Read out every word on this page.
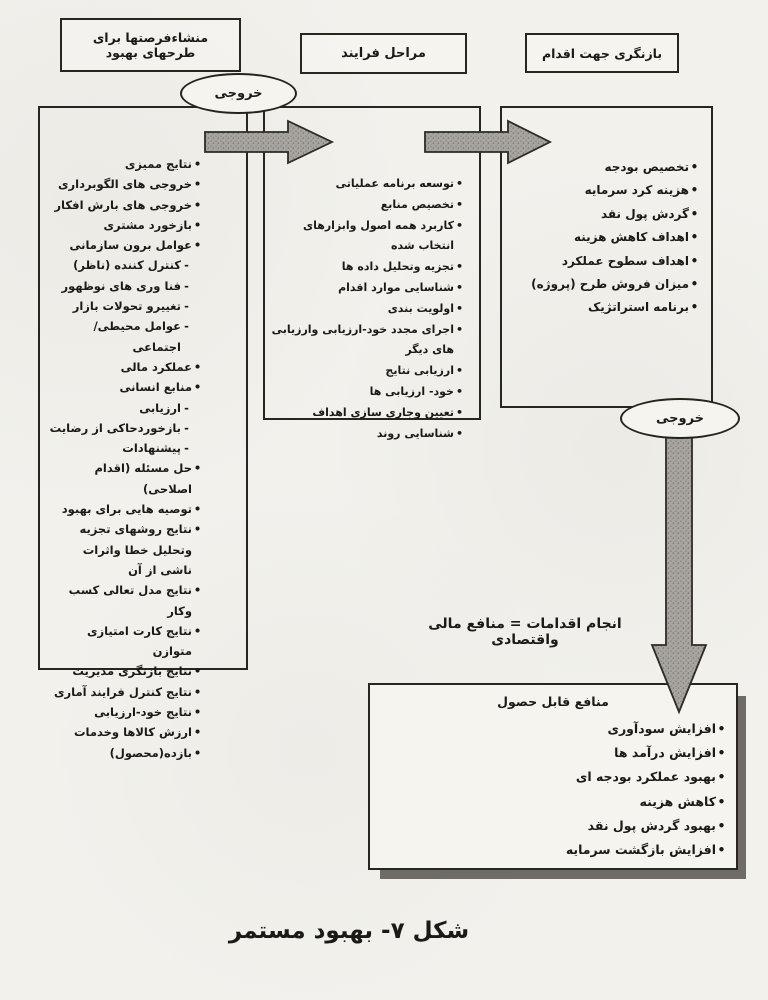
منشاءفرصتها برای طرحهای بهبود	مراحل فرایند	بازنگری جهت اقدام
•
نتایج ممیزی
•
خروجی های الگوبرداری
•
خروجی های بارش افکار
•
بازخورد مشتری
•
عوامل برون سازمانی
-
کنترل کننده (ناظر)
-
فنا وری های نوظهور
-
تغییرو تحولات بازار
-
عوامل محیطی/ اجتماعی
•
عملکرد مالی
•
منابع انسانی
-
ارزیابی
-
بازخوردحاکی از رضایت
-
پیشنهادات
•
حل مسئله (اقدام اصلاحی)
•
توصیه هایی برای بهبود
•
نتایج روشهای تجزیه وتحلیل خطا واثرات ناشی از آن
•
نتایج مدل تعالی کسب وکار
•
نتایج کارت امتیازی متوازن
•
نتایج بازنگری مدیریت
•
نتایج کنترل فرایند آماری
•
نتایج خود-ارزیابی
•
ارزش کالاها وخدمات
•
بازده(محصول)
•
توسعه برنامه عملیاتی
•
تخصیص منابع
•
کاربرد همه اصول وابزارهای انتخاب شده
•
تجزیه وتحلیل داده ها
•
شناسایی موارد اقدام
•
اولویت بندی
•
اجرای مجدد خود-ارزیابی وارزیابی های دیگر
•
ارزیابی نتایج
•
خود- ارزیابی ها
•
تعیین وجاری سازی اهداف
•
شناسایی روند
•
تخصیص بودجه
•
هزینه کرد سرمایه
•
گردش پول نقد
•
اهداف کاهش هزینه
•
اهداف سطوح عملکرد
•
میزان فروش طرح (پروژه)
•
برنامه استراتژیک
خروجی
خروجی
انجام اقدامات = منافع مالی واقتصادی
منافع قابل حصول
•
افزایش سودآوری
•
افزایش درآمد ها
•
بهبود عملکرد بودجه ای
•
کاهش هزینه
•
بهبود گردش پول نقد
•
افزایش بازگشت سرمایه
شکل ۷- بهبود مستمر
